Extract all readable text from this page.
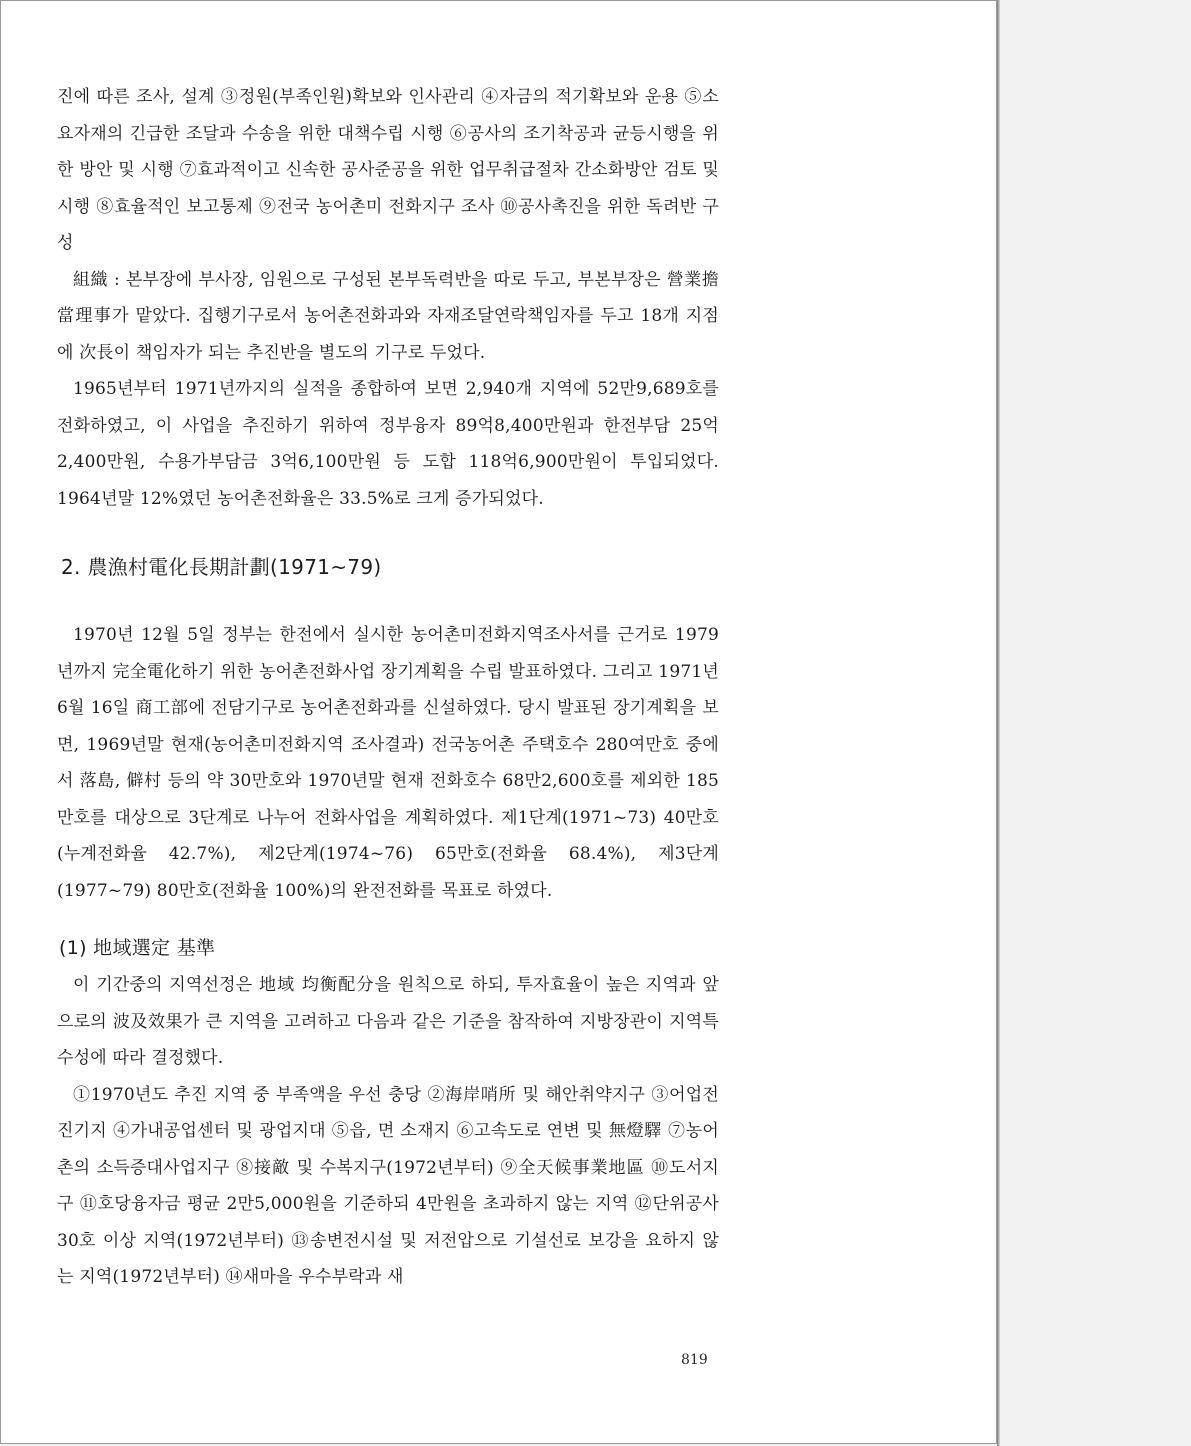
진에 따른 조사, 설계 ③정원(부족인원)확보와 인사관리 ④자금의 적기확보와 운용 ⑤소요자재의 긴급한 조달과 수송을 위한 대책수립 시행 ⑥공사의 조기착공과 균등시행을 위한 방안 및 시행 ⑦효과적이고 신속한 공사준공을 위한 업무취급절차 간소화방안 검토 및 시행 ⑧효율적인 보고통제 ⑨전국 농어촌미 전화지구 조사 ⑩공사촉진을 위한 독려반 구성

組織 : 본부장에 부사장, 임원으로 구성된 본부독력반을 따로 두고, 부본부장은 營業擔當理事가 맡았다. 집행기구로서 농어촌전화과와 자재조달연락책임자를 두고 18개 지점에 次長이 책임자가 되는 추진반을 별도의 기구로 두었다.

1965년부터 1971년까지의 실적을 종합하여 보면 2,940개 지역에 52만9,689호를 전화하였고, 이 사업을 추진하기 위하여 정부융자 89억8,400만원과 한전부담 25억2,400만원, 수용가부담금 3억6,100만원 등 도합 118억6,900만원이 투입되었다. 1964년말 12%였던 농어촌전화율은 33.5%로 크게 증가되었다.

2. 農漁村電化長期計劃(1971~79)

1970년 12월 5일 정부는 한전에서 실시한 농어촌미전화지역조사서를 근거로 1979년까지 完全電化하기 위한 농어촌전화사업 장기계획을 수립 발표하였다. 그리고 1971년 6월 16일 商工部에 전담기구로 농어촌전화과를 신설하였다. 당시 발표된 장기계획을 보면, 1969년말 현재(농어촌미전화지역 조사결과) 전국농어촌 주택호수 280여만호 중에서 落島, 僻村 등의 약 30만호와 1970년말 현재 전화호수 68만2,600호를 제외한 185만호를 대상으로 3단계로 나누어 전화사업을 계획하였다. 제1단계(1971~73) 40만호(누계전화율 42.7%), 제2단계(1974~76) 65만호(전화율 68.4%), 제3단계(1977~79) 80만호(전화율 100%)의 완전전화를 목표로 하였다.

(1) 地域選定 基準

이 기간중의 지역선정은 地域 均衡配分을 원칙으로 하되, 투자효율이 높은 지역과 앞으로의 波及效果가 큰 지역을 고려하고 다음과 같은 기준을 참작하여 지방장관이 지역특수성에 따라 결정했다.

①1970년도 추진 지역 중 부족액을 우선 충당 ②海岸哨所 및 해안취약지구 ③어업전진기지 ④가내공업센터 및 광업지대 ⑤읍, 면 소재지 ⑥고속도로 연변 및 無燈驛 ⑦농어촌의 소득증대사업지구 ⑧接敵 및 수복지구(1972년부터) ⑨全天候事業地區 ⑩도서지구 ⑪호당융자금 평균 2만5,000원을 기준하되 4만원을 초과하지 않는 지역 ⑫단위공사 30호 이상 지역(1972년부터) ⑬송변전시설 및 저전압으로 기설선로 보강을 요하지 않는 지역(1972년부터) ⑭새마을 우수부락과 새

819
